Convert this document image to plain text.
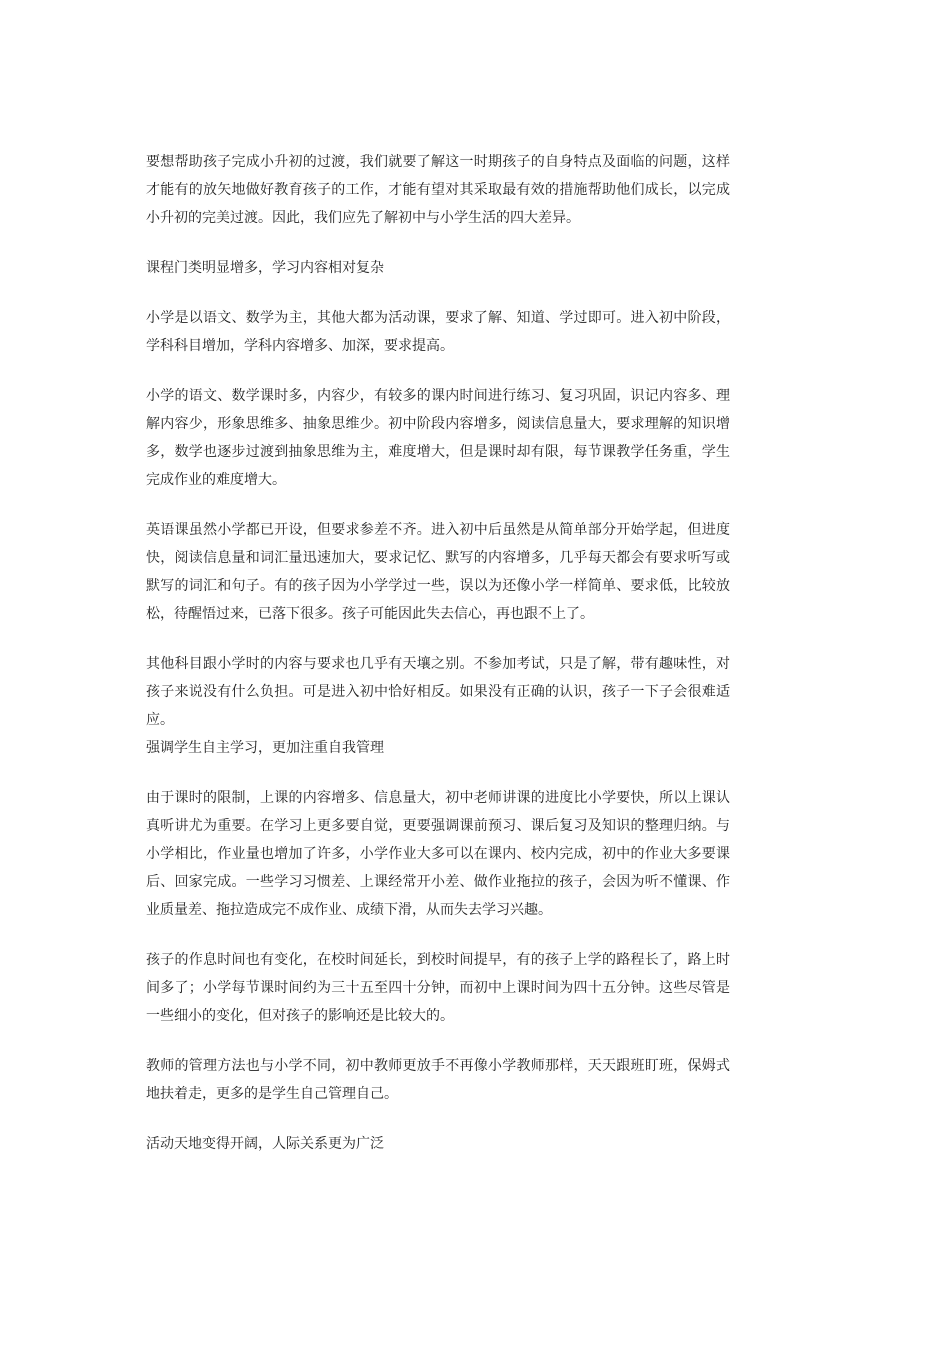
要想帮助孩子完成小升初的过渡，我们就要了解这一时期孩子的自身特点及面临的问题，这样才能有的放矢地做好教育孩子的工作，才能有望对其采取最有效的措施帮助他们成长，以完成小升初的完美过渡。因此，我们应先了解初中与小学生活的四大差异。

课程门类明显增多，学习内容相对复杂

小学是以语文、数学为主，其他大都为活动课，要求了解、知道、学过即可。进入初中阶段，学科科目增加，学科内容增多、加深，要求提高。

小学的语文、数学课时多，内容少，有较多的课内时间进行练习、复习巩固，识记内容多、理解内容少，形象思维多、抽象思维少。初中阶段内容增多，阅读信息量大，要求理解的知识增多，数学也逐步过渡到抽象思维为主，难度增大，但是课时却有限，每节课教学任务重，学生完成作业的难度增大。

英语课虽然小学都已开设，但要求参差不齐。进入初中后虽然是从简单部分开始学起，但进度快，阅读信息量和词汇量迅速加大，要求记忆、默写的内容增多，几乎每天都会有要求听写或默写的词汇和句子。有的孩子因为小学学过一些，误以为还像小学一样简单、要求低，比较放松，待醒悟过来，已落下很多。孩子可能因此失去信心，再也跟不上了。

其他科目跟小学时的内容与要求也几乎有天壤之别。不参加考试，只是了解，带有趣味性，对孩子来说没有什么负担。可是进入初中恰好相反。如果没有正确的认识，孩子一下子会很难适应。

强调学生自主学习，更加注重自我管理

由于课时的限制，上课的内容增多、信息量大，初中老师讲课的进度比小学要快，所以上课认真听讲尤为重要。在学习上更多要自觉，更要强调课前预习、课后复习及知识的整理归纳。与小学相比，作业量也增加了许多，小学作业大多可以在课内、校内完成，初中的作业大多要课后、回家完成。一些学习习惯差、上课经常开小差、做作业拖拉的孩子，会因为听不懂课、作业质量差、拖拉造成完不成作业、成绩下滑，从而失去学习兴趣。

孩子的作息时间也有变化，在校时间延长，到校时间提早，有的孩子上学的路程长了，路上时间多了；小学每节课时间约为三十五至四十分钟，而初中上课时间为四十五分钟。这些尽管是一些细小的变化，但对孩子的影响还是比较大的。

教师的管理方法也与小学不同，初中教师更放手不再像小学教师那样，天天跟班盯班，保姆式地扶着走，更多的是学生自己管理自己。

活动天地变得开阔，人际关系更为广泛
